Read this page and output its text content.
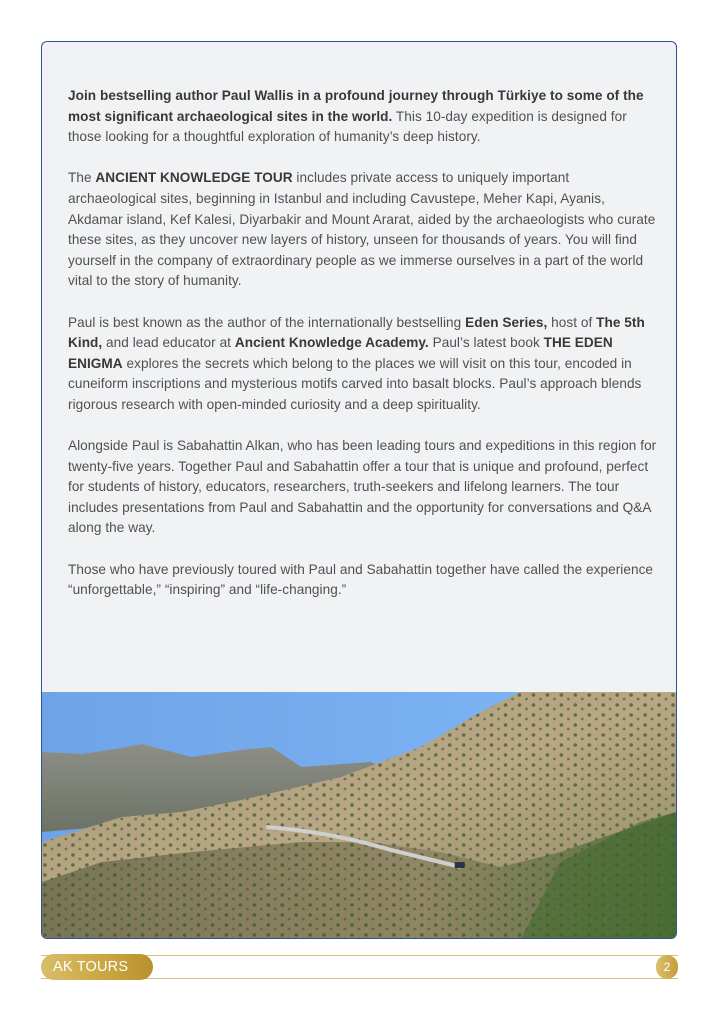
Join bestselling author Paul Wallis in a profound journey through Türkiye to some of the most significant archaeological sites in the world. This 10-day expedition is designed for those looking for a thoughtful exploration of humanity’s deep history.

The ANCIENT KNOWLEDGE TOUR includes private access to uniquely important archaeological sites, beginning in Istanbul and including Cavustepe, Meher Kapi, Ayanis, Akdamar island, Kef Kalesi, Diyarbakir and Mount Ararat, aided by the archaeologists who curate these sites, as they uncover new layers of history, unseen for thousands of years. You will find yourself in the company of extraordinary people as we immerse ourselves in a part of the world vital to the story of humanity.

Paul is best known as the author of the internationally bestselling Eden Series, host of The 5th Kind, and lead educator at Ancient Knowledge Academy. Paul’s latest book THE EDEN ENIGMA explores the secrets which belong to the places we will visit on this tour, encoded in cuneiform inscriptions and mysterious motifs carved into basalt blocks. Paul’s approach blends rigorous research with open-minded curiosity and a deep spirituality.

Alongside Paul is Sabahattin Alkan, who has been leading tours and expeditions in this region for twenty-five years. Together Paul and Sabahattin offer a tour that is unique and profound, perfect for students of history, educators, researchers, truth-seekers and lifelong learners. The tour includes presentations from Paul and Sabahattin and the opportunity for conversations and Q&A along the way.

Those who have previously toured with Paul and Sabahattin together have called the experience “unforgettable,” “inspiring” and “life-changing.”

AK TOURS	2
